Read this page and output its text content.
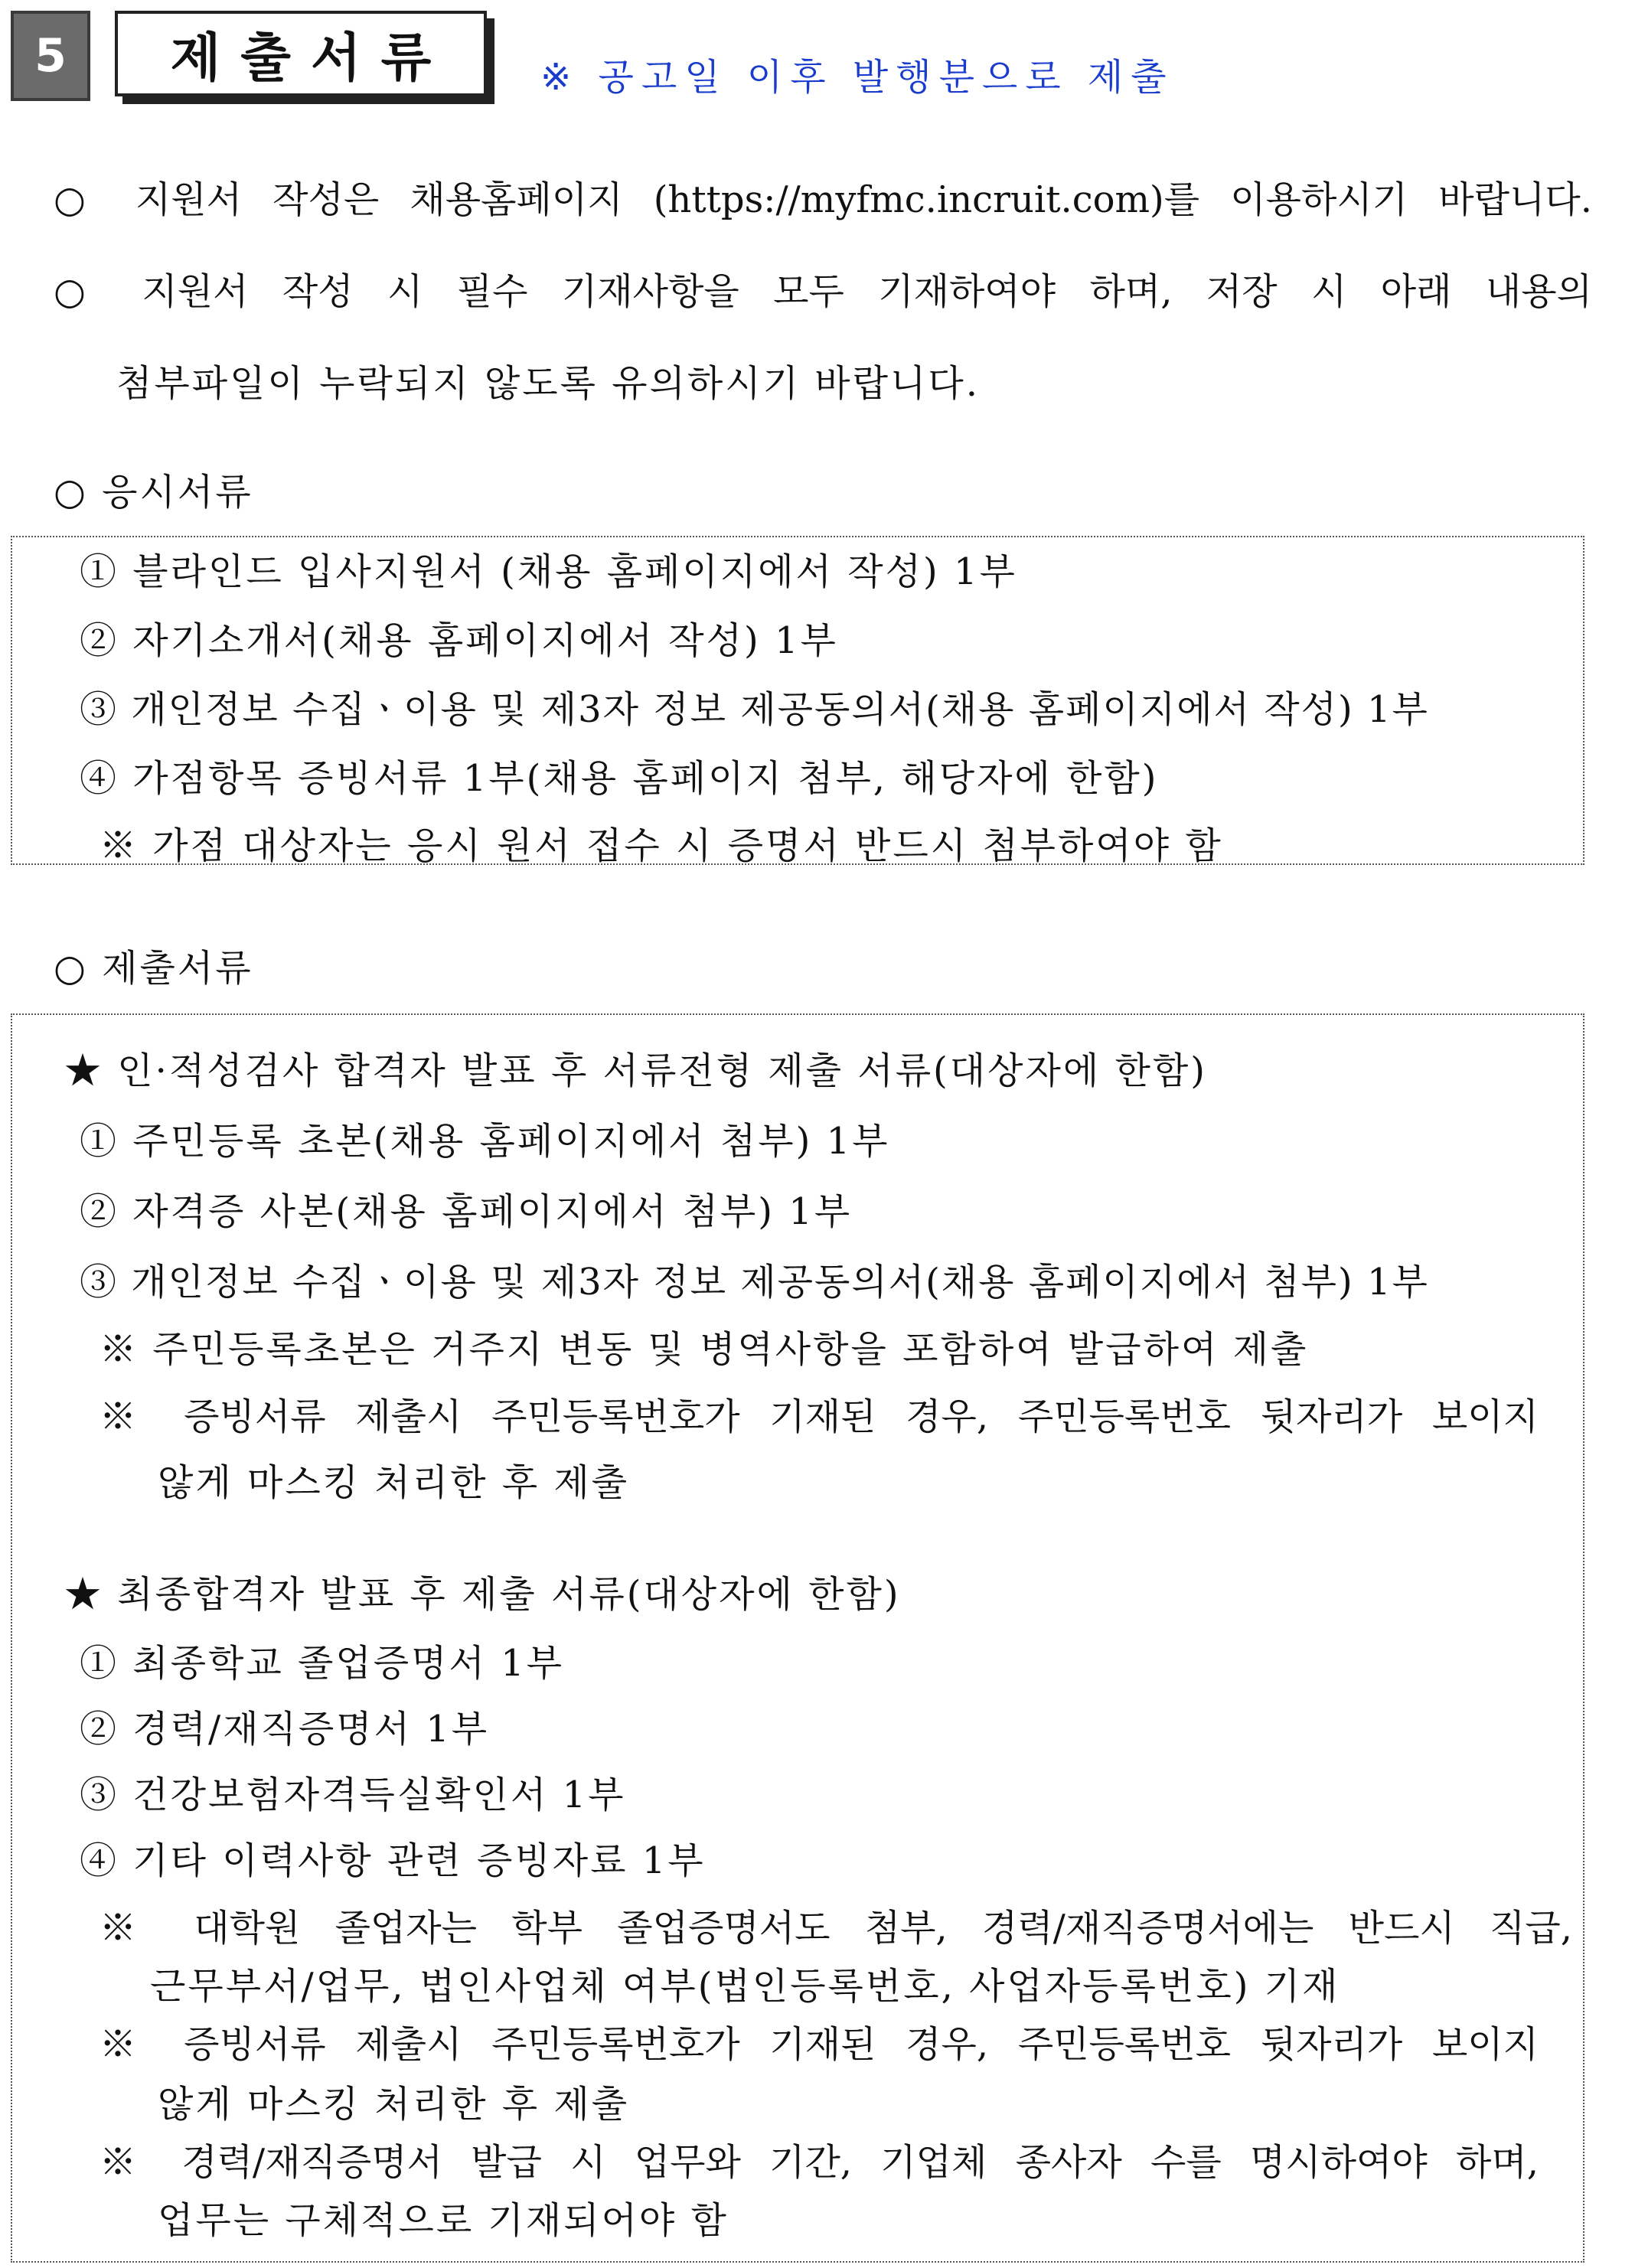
5	제출서류	※ 공고일 이후 발행분으로 제출
○ 지원서 작성은 채용홈페이지 (https://myfmc.incruit.com)를 이용하시기 바랍니다.
○ 지원서 작성 시 필수 기재사항을 모두 기재하여야 하며, 저장 시 아래 내용의
첨부파일이 누락되지 않도록 유의하시기 바랍니다.
○ 응시서류
① 블라인드 입사지원서 (채용 홈페이지에서 작성) 1부
② 자기소개서(채용 홈페이지에서 작성) 1부
③ 개인정보 수집ㆍ이용 및 제3자 정보 제공동의서(채용 홈페이지에서 작성) 1부
④ 가점항목 증빙서류 1부(채용 홈페이지 첨부, 해당자에 한함)
※ 가점 대상자는 응시 원서 접수 시 증명서 반드시 첨부하여야 함
○ 제출서류
★ 인·적성검사 합격자 발표 후 서류전형 제출 서류(대상자에 한함)
① 주민등록 초본(채용 홈페이지에서 첨부) 1부
② 자격증 사본(채용 홈페이지에서 첨부) 1부
③ 개인정보 수집ㆍ이용 및 제3자 정보 제공동의서(채용 홈페이지에서 첨부) 1부
※ 주민등록초본은 거주지 변동 및 병역사항을 포함하여 발급하여 제출
※ 증빙서류 제출시 주민등록번호가 기재된 경우, 주민등록번호 뒷자리가 보이지
않게 마스킹 처리한 후 제출
★ 최종합격자 발표 후 제출 서류(대상자에 한함)
① 최종학교 졸업증명서 1부
② 경력/재직증명서 1부
③ 건강보험자격득실확인서 1부
④ 기타 이력사항 관련 증빙자료 1부
※ 대학원 졸업자는 학부 졸업증명서도 첨부, 경력/재직증명서에는 반드시 직급,
근무부서/업무, 법인사업체 여부(법인등록번호, 사업자등록번호) 기재
※ 증빙서류 제출시 주민등록번호가 기재된 경우, 주민등록번호 뒷자리가 보이지
않게 마스킹 처리한 후 제출
※ 경력/재직증명서 발급 시 업무와 기간, 기업체 종사자 수를 명시하여야 하며,
업무는 구체적으로 기재되어야 함
